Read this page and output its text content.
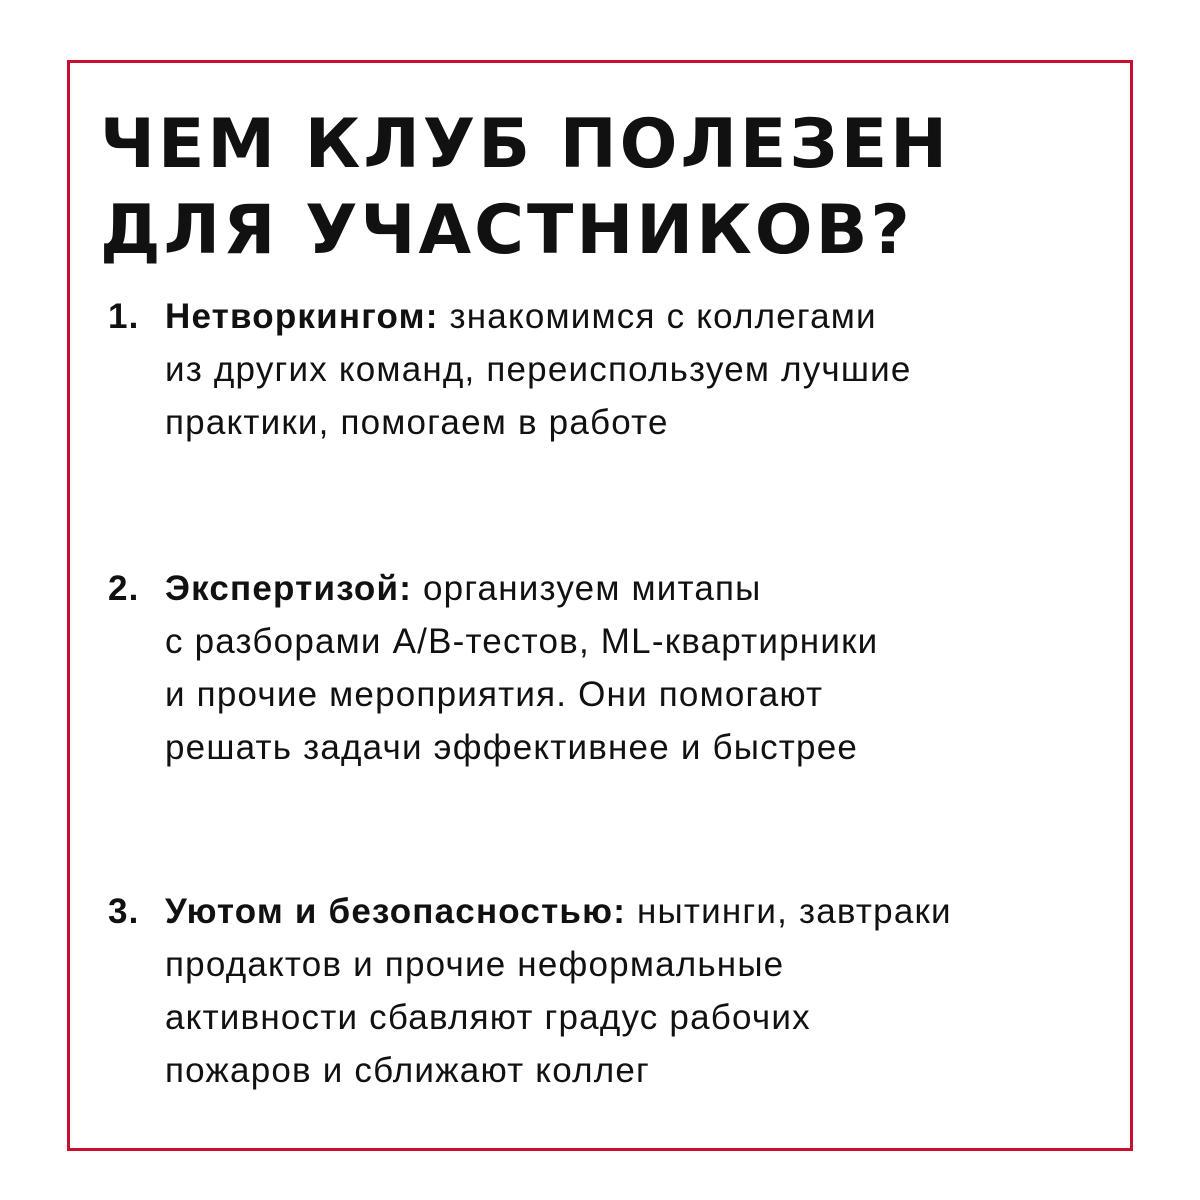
ЧЕМ КЛУБ ПОЛЕЗЕН
ДЛЯ УЧАСТНИКОВ?
1. Нетворкингом: знакомимся с коллегами
из других команд, переиспользуем лучшие
практики, помогаем в работе
2. Экспертизой: организуем митапы
с разборами A/B-тестов, ML-квартирники
и прочие мероприятия. Они помогают
решать задачи эффективнее и быстрее
3. Уютом и безопасностью: нытинги, завтраки
продактов и прочие неформальные
активности сбавляют градус рабочих
пожаров и сближают коллег
